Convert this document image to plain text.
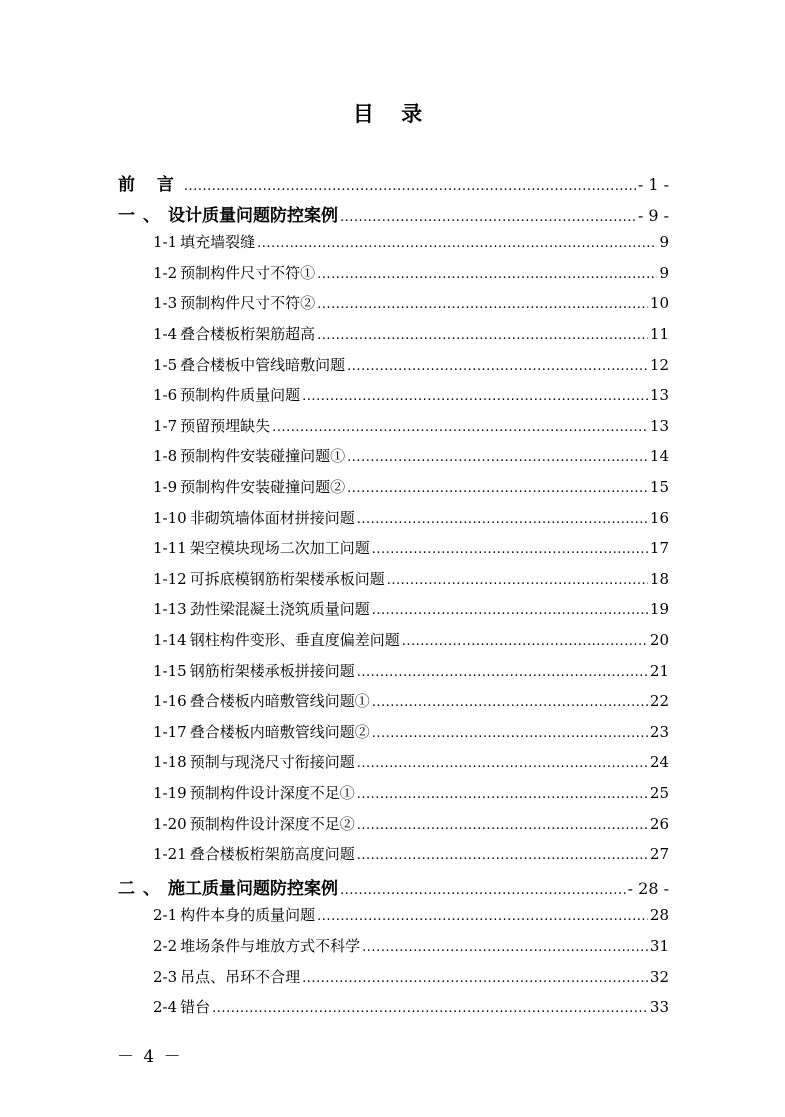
目 录
前 言 .....	- 1 -
一、 设计质量问题防控案例 .....	- 9 -
1-1 填充墙裂缝 .....	9
1-2 预制构件尺寸不符① .....	9
1-3 预制构件尺寸不符② .....	10
1-4 叠合楼板桁架筋超高 .....	11
1-5 叠合楼板中管线暗敷问题 .....	12
1-6 预制构件质量问题 .....	13
1-7 预留预埋缺失 .....	13
1-8 预制构件安装碰撞问题① .....	14
1-9 预制构件安装碰撞问题② .....	15
1-10 非砌筑墙体面材拼接问题 .....	16
1-11 架空模块现场二次加工问题 .....	17
1-12 可拆底模钢筋桁架楼承板问题 .....	18
1-13 劲性梁混凝土浇筑质量问题 .....	19
1-14 钢柱构件变形、垂直度偏差问题 .....	20
1-15 钢筋桁架楼承板拼接问题 .....	21
1-16 叠合楼板内暗敷管线问题① .....	22
1-17 叠合楼板内暗敷管线问题② .....	23
1-18 预制与现浇尺寸衔接问题 .....	24
1-19 预制构件设计深度不足① .....	25
1-20 预制构件设计深度不足② .....	26
1-21 叠合楼板桁架筋高度问题 .....	27
二、 施工质量问题防控案例 .....	- 28 -
2-1 构件本身的质量问题 .....	28
2-2 堆场条件与堆放方式不科学 .....	31
2-3 吊点、吊环不合理 .....	32
2-4 错台 .....	33
－ 4 －
